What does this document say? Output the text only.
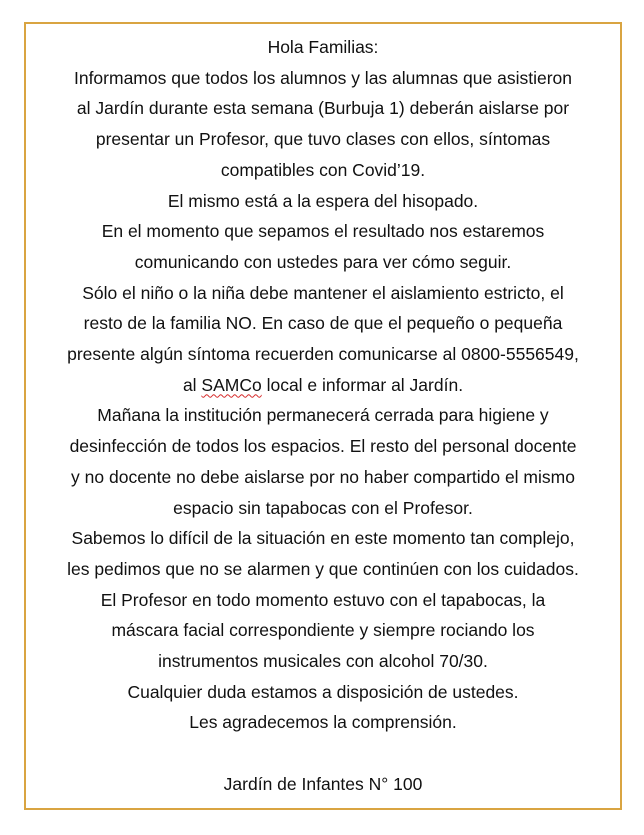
Hola Familias:
Informamos que todos los alumnos y las alumnas que asistieron
al Jardín durante esta semana (Burbuja 1) deberán aislarse por
presentar un Profesor, que tuvo clases con ellos, síntomas
compatibles con Covid’19.
El mismo está a la espera del hisopado.
En el momento que sepamos el resultado nos estaremos
comunicando con ustedes para ver cómo seguir.
Sólo el niño o la niña debe mantener el aislamiento estricto, el
resto de la familia NO. En caso de que el pequeño o pequeña
presente algún síntoma recuerden comunicarse al 0800-5556549,
al SAMCo local e informar al Jardín.
Mañana la institución permanecerá cerrada para higiene y
desinfección de todos los espacios. El resto del personal docente
y no docente no debe aislarse por no haber compartido el mismo
espacio sin tapabocas con el Profesor.
Sabemos lo difícil de la situación en este momento tan complejo,
les pedimos que no se alarmen y que continúen con los cuidados.
El Profesor en todo momento estuvo con el tapabocas, la
máscara facial correspondiente y siempre rociando los
instrumentos musicales con alcohol 70/30.
Cualquier duda estamos a disposición de ustedes.
Les agradecemos la comprensión.
Jardín de Infantes N° 100
